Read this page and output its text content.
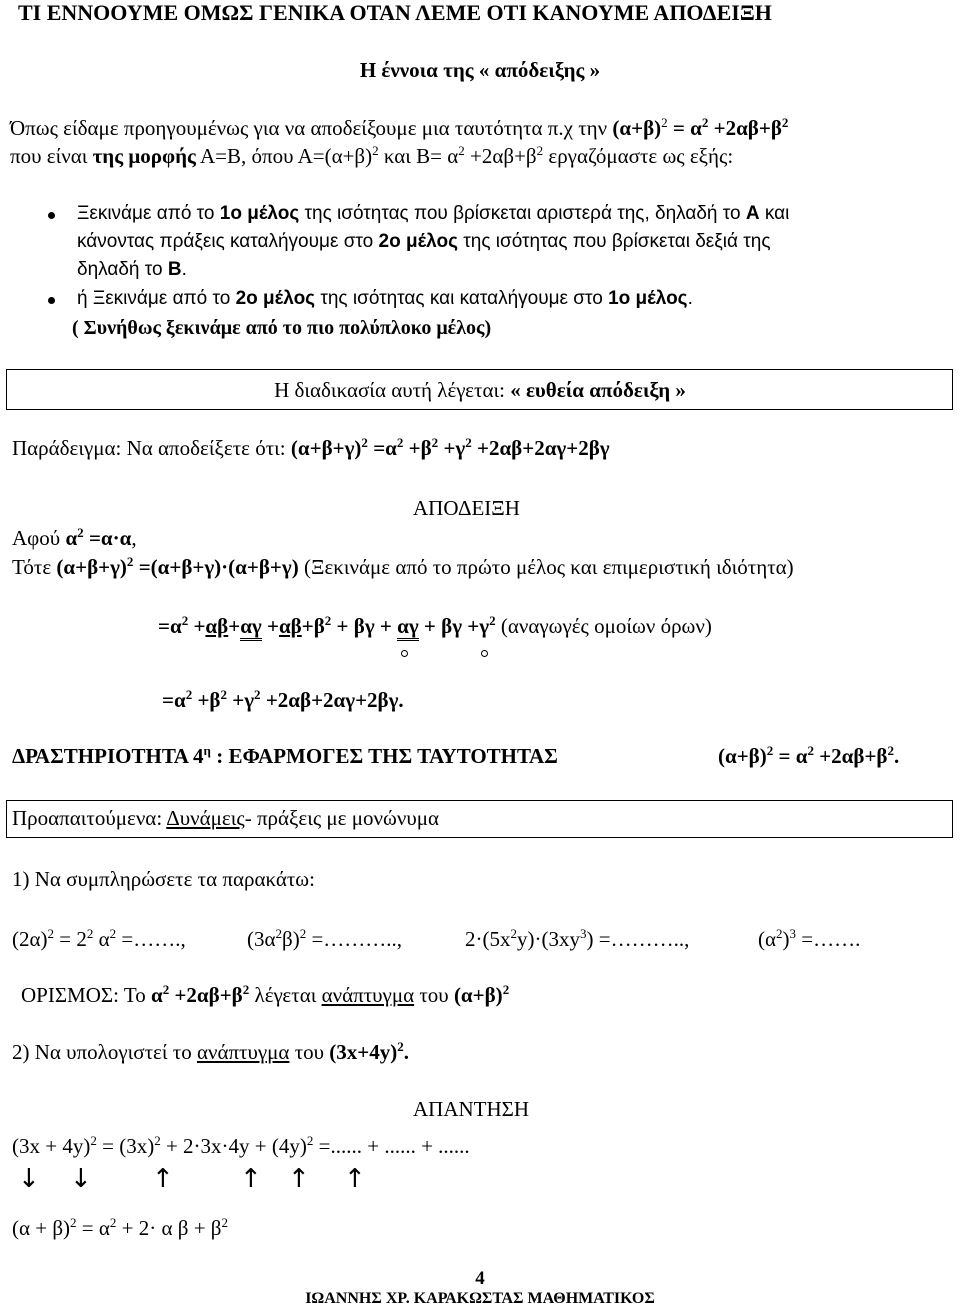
ΤΙ ΕΝΝΟΟΥΜΕ ΟΜΩΣ ΓΕΝΙΚΑ ΟΤΑΝ ΛΕΜΕ ΟΤΙ ΚΑΝΟΥΜΕ ΑΠΟΔΕΙΞΗ
Η έννοια της « απόδειξης »
Όπως είδαμε προηγουμένως για να αποδείξουμε μια ταυτότητα π.χ την $(\alpha+\beta)^2 = \alpha^2 +2\alpha\beta+\beta^2$
που είναι της μορφής Α=Β, όπου $A=(\alpha+\beta)^2$ και $B= \alpha^2 +2\alpha\beta+\beta^2$ εργαζόμαστε ως εξής:
Ξεκινάμε από το 1ο μέλος της ισότητας που βρίσκεται αριστερά της, δηλαδή το Α και
κάνοντας πράξεις καταλήγουμε στο 2ο μέλος της ισότητας που βρίσκεται δεξιά της
δηλαδή το Β.
ή Ξεκινάμε από το 2ο μέλος της ισότητας και καταλήγουμε στο 1ο μέλος.
( Συνήθως ξεκινάμε από το πιο πολύπλοκο μέλος)
Η διαδικασία αυτή λέγεται: « ευθεία απόδειξη »
Παράδειγμα: Να αποδείξετε ότι: $(\alpha+\beta+\gamma)^2 =\alpha^2 +\beta^2 +\gamma^2 +2\alpha\beta+2\alpha\gamma+2\beta\gamma$
ΑΠΟΔΕΙΞΗ
Αφού $\alpha^2 =\alpha\cdot\alpha$,
Τότε $(\alpha+\beta+\gamma)^2 =(\alpha+\beta+\gamma)\cdot(\alpha+\beta+\gamma)$ (Ξεκινάμε από το πρώτο μέλος και επιμεριστική ιδιότητα)
$=\alpha^2 +\alpha\beta+\alpha\gamma +\alpha\beta+\beta^2 + \beta\gamma + \alpha\gamma + \beta\gamma +\gamma^2$ (αναγωγές ομοίων όρων)
$=\alpha^2 +\beta^2 +\gamma^2 +2\alpha\beta+2\alpha\gamma+2\beta\gamma$.
ΔΡΑΣΤΗΡΙΟΤΗΤΑ $4^\eta$ : ΕΦΑΡΜΟΓΕΣ ΤΗΣ ΤΑΥΤΟΤΗΤΑΣ	$(\alpha+\beta)^2 = \alpha^2 +2\alpha\beta+\beta^2$.
Προαπαιτούμενα: Δυνάμεις- πράξεις με μονώνυμα
1) Να συμπληρώσετε τα παρακάτω:
$(2\alpha)^2 = 2^2$ $\alpha^2$ =…….,	$(3\alpha^2\beta)^2$ =………..,	$2\cdot(5x^2y)\cdot(3xy^3)$ =………..,	$(\alpha^2)^3$ =…….
ΟΡΙΣΜΟΣ: Το $\alpha^2 +2\alpha\beta+\beta^2$ λέγεται ανάπτυγμα του $(\alpha+\beta)^2$
2) Να υπολογιστεί το ανάπτυγμα του $(3x+4y)^2$.
ΑΠΑΝΤΗΣΗ
$(3x + 4y)^2 = (3x)^2 + 2\cdot 3x\cdot 4y + (4y)^2$ =...... + ...... + ......
↓ ↓ ↑	↑ ↑ ↑
$(\alpha + \beta)^2 = \alpha^2 + 2\cdot \alpha$ $\beta + \beta^2$
4
ΙΩΑΝΝΗΣ ΧΡ. ΚΑΡΑΚΩΣΤΑΣ ΜΑΘΗΜΑΤΙΚΟΣ
